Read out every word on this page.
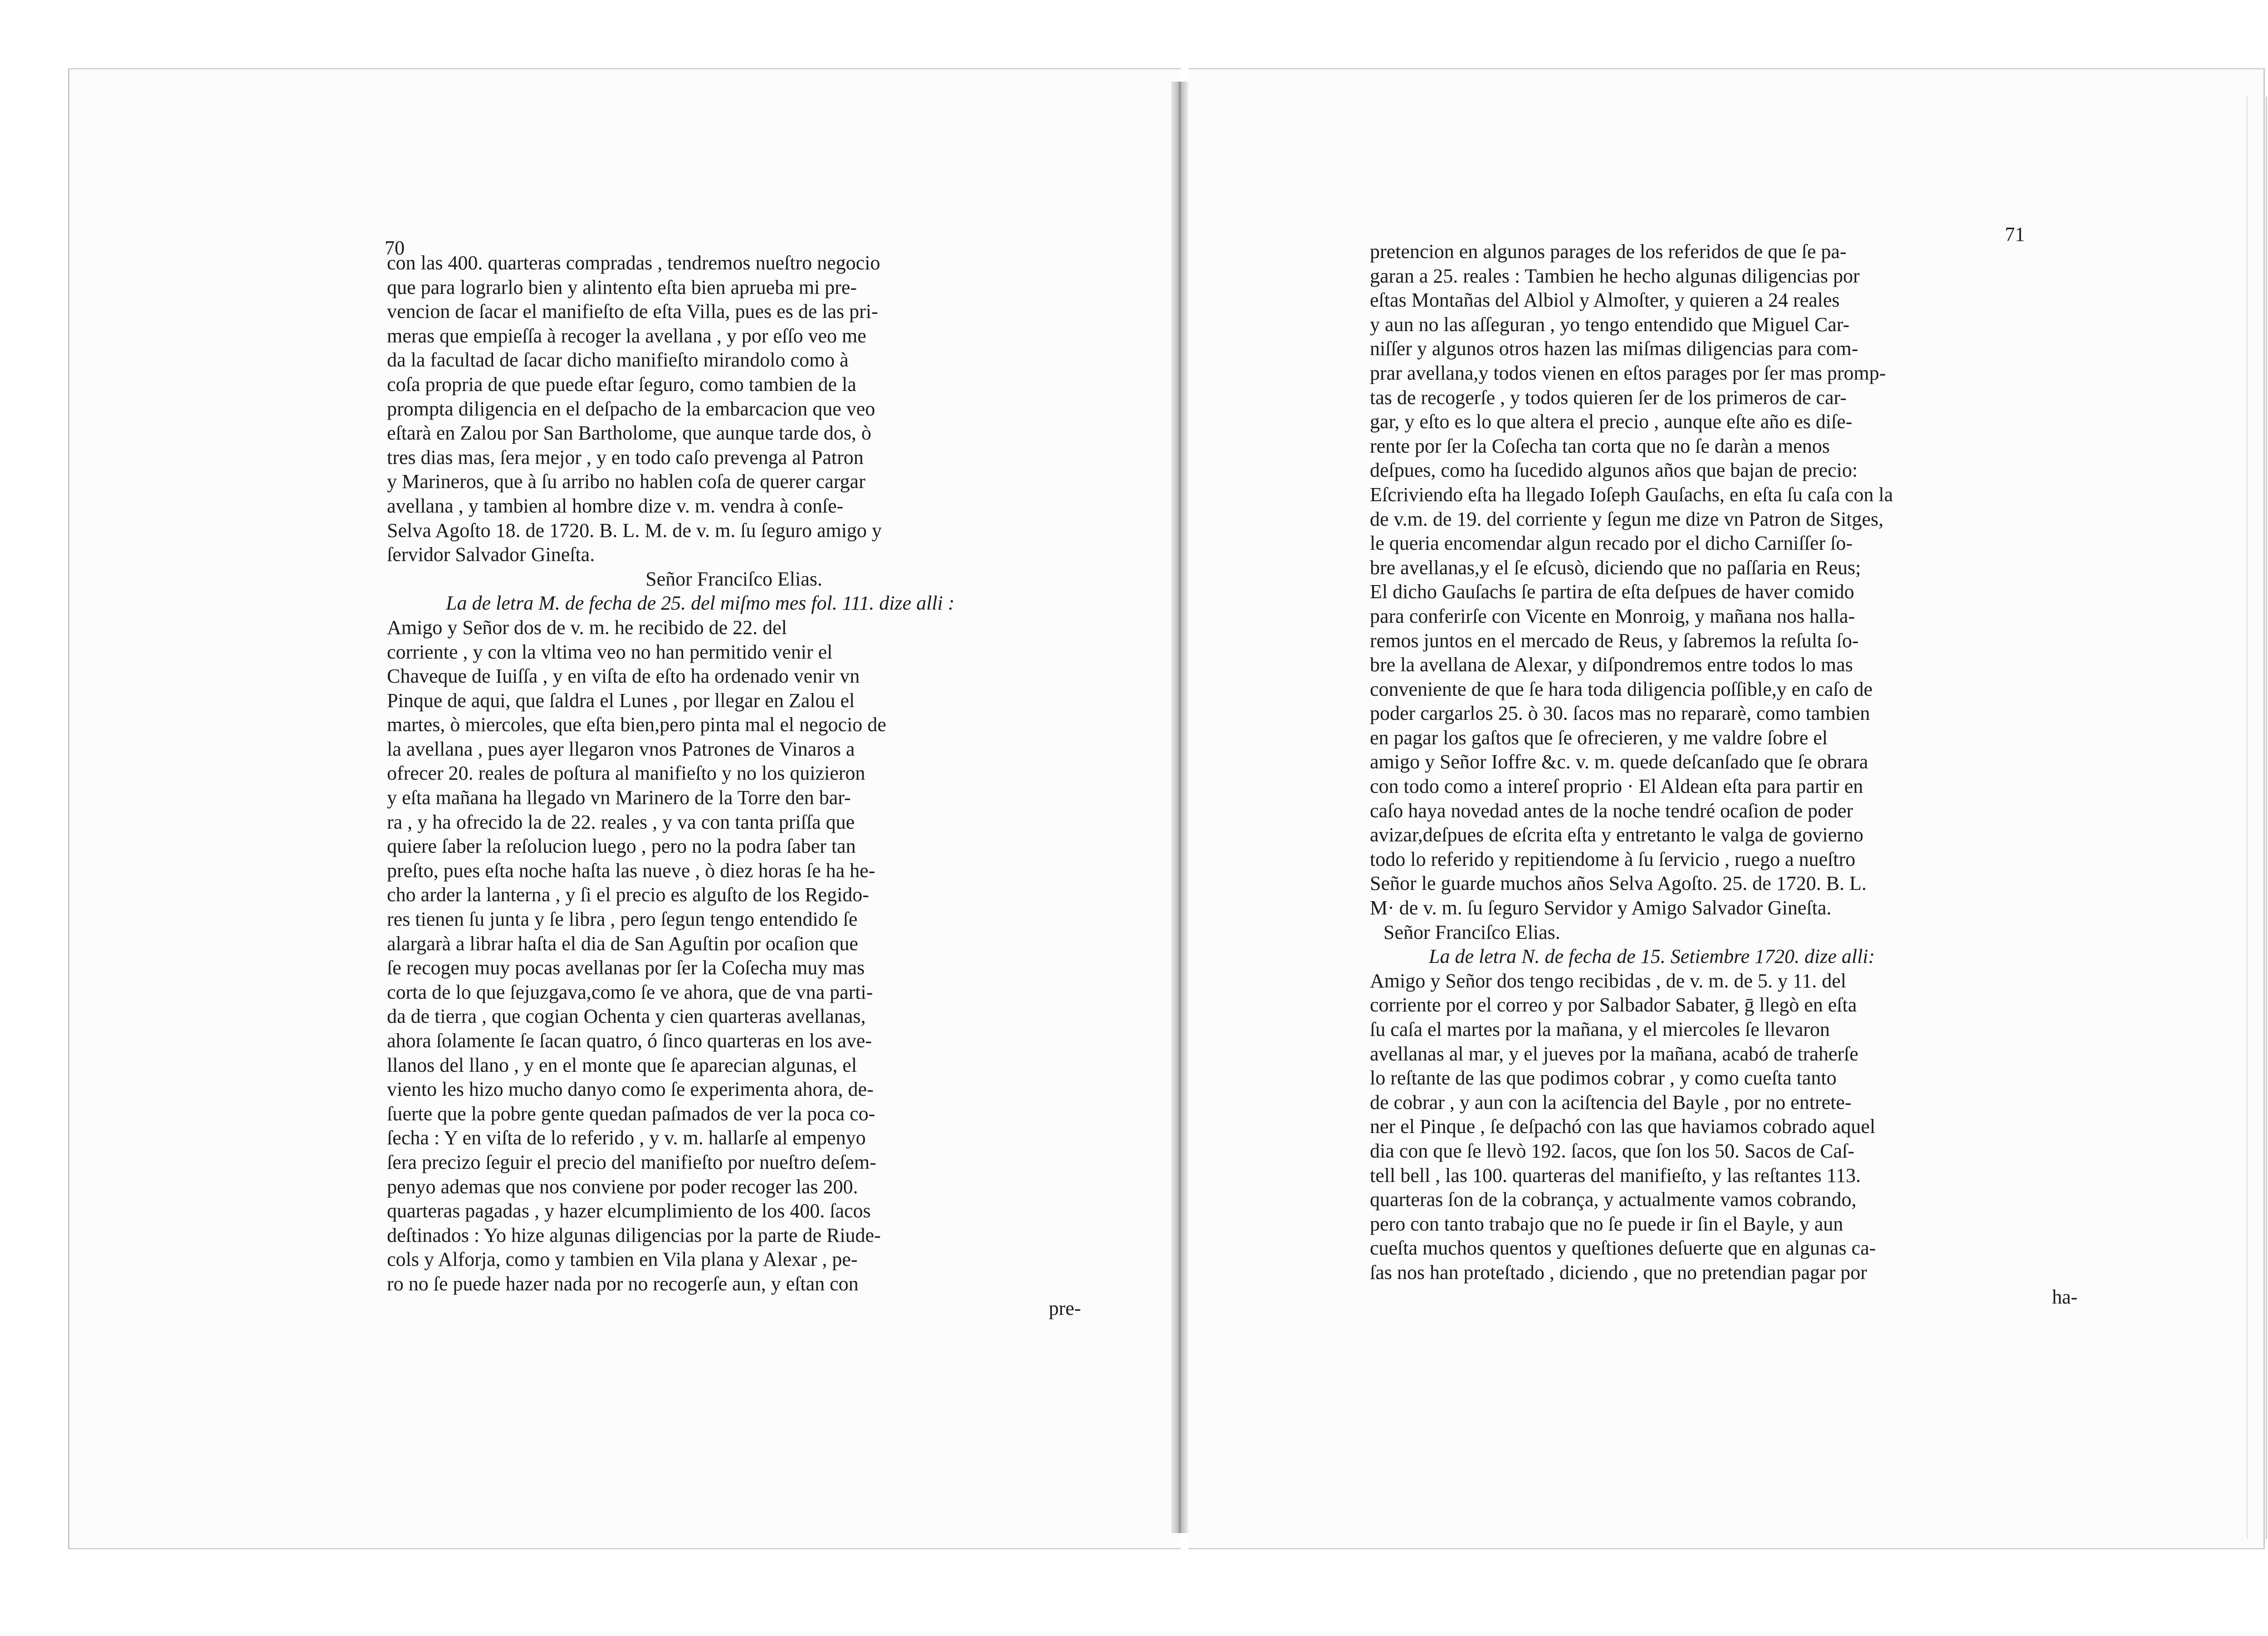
70
con las 400. quarteras compradas , tendremos nueſtro negocio
que para lograrlo bien y alintento eſta bien aprueba mi pre-
vencion de ſacar el manifieſto de eſta Villa, pues es de las pri-
meras que empieſſa à recoger la avellana , y por eſſo veo me
da la facultad de ſacar dicho manifieſto mirandolo como à
coſa propria de que puede eſtar ſeguro, como tambien de la
prompta diligencia en el deſpacho de la embarcacion que veo
eſtarà en Zalou por San Bartholome, que aunque tarde dos, ò
tres dias mas, ſera mejor , y en todo caſo prevenga al Patron
y Marineros, que à ſu arribo no hablen coſa de querer cargar
avellana , y tambien al hombre dize v. m. vendra à conſe-
Selva Agoſto 18. de 1720. B. L. M. de v. m. ſu ſeguro amigo y
ſervidor Salvador Gineſta.
Señor Franciſco Elias.
La de letra M. de fecha de 25. del miſmo mes fol. 111. dize alli :
Amigo y Señor dos de v. m. he recibido de 22. del
corriente , y con la vltima veo no han permitido venir el
Chaveque de Iuiſſa , y en viſta de eſto ha ordenado venir vn
Pinque de aqui, que ſaldra el Lunes , por llegar en Zalou el
martes, ò miercoles, que eſta bien,pero pinta mal el negocio de
la avellana , pues ayer llegaron vnos Patrones de Vinaros a
ofrecer 20. reales de poſtura al manifieſto y no los quizieron
y eſta mañana ha llegado vn Marinero de la Torre den bar-
ra , y ha ofrecido la de 22. reales , y va con tanta priſſa que
quiere ſaber la reſolucion luego , pero no la podra ſaber tan
preſto, pues eſta noche haſta las nueve , ò diez horas ſe ha he-
cho arder la lanterna , y ſi el precio es alguſto de los Regido-
res tienen ſu junta y ſe libra , pero ſegun tengo entendido ſe
alargarà a librar haſta el dia de San Aguſtin por ocaſion que
ſe recogen muy pocas avellanas por ſer la Coſecha muy mas
corta de lo que ſejuzgava,como ſe ve ahora, que de vna parti-
da de tierra , que cogian Ochenta y cien quarteras avellanas,
ahora ſolamente ſe ſacan quatro, ó ſinco quarteras en los ave-
llanos del llano , y en el monte que ſe aparecian algunas, el
viento les hizo mucho danyo como ſe experimenta ahora, de-
ſuerte que la pobre gente quedan paſmados de ver la poca co-
ſecha : Y en viſta de lo referido , y v. m. hallarſe al empenyo
ſera precizo ſeguir el precio del manifieſto por nueſtro deſem-
penyo ademas que nos conviene por poder recoger las 200.
quarteras pagadas , y hazer elcumplimiento de los 400. ſacos
deſtinados : Yo hize algunas diligencias por la parte de Riude-
cols y Alforja, como y tambien en Vila plana y Alexar , pe-
ro no ſe puede hazer nada por no recogerſe aun, y eſtan con
pre-
71
pretencion en algunos parages de los referidos de que ſe pa-
garan a 25. reales : Tambien he hecho algunas diligencias por
eſtas Montañas del Albiol y Almoſter, y quieren a 24 reales
y aun no las aſſeguran , yo tengo entendido que Miguel Car-
niſſer y algunos otros hazen las miſmas diligencias para com-
prar avellana,y todos vienen en eſtos parages por ſer mas promp-
tas de recogerſe , y todos quieren ſer de los primeros de car-
gar, y eſto es lo que altera el precio , aunque eſte año es diſe-
rente por ſer la Coſecha tan corta que no ſe daràn a menos
deſpues, como ha ſucedido algunos años que bajan de precio:
Eſcriviendo eſta ha llegado Ioſeph Gauſachs, en eſta ſu caſa con la
de v.m. de 19. del corriente y ſegun me dize vn Patron de Sitges,
le queria encomendar algun recado por el dicho Carniſſer ſo-
bre avellanas,y el ſe eſcusò, diciendo que no paſſaria en Reus;
El dicho Gauſachs ſe partira de eſta deſpues de haver comido
para conferirſe con Vicente en Monroig, y mañana nos halla-
remos juntos en el mercado de Reus, y ſabremos la reſulta ſo-
bre la avellana de Alexar, y diſpondremos entre todos lo mas
conveniente de que ſe hara toda diligencia poſſible,y en caſo de
poder cargarlos 25. ò 30. ſacos mas no repararè, como tambien
en pagar los gaſtos que ſe ofrecieren, y me valdre ſobre el
amigo y Señor Ioffre &c. v. m. quede deſcanſado que ſe obrara
con todo como a intereſ proprio · El Aldean eſta para partir en
caſo haya novedad antes de la noche tendré ocaſion de poder
avizar,deſpues de eſcrita eſta y entretanto le valga de govierno
todo lo referido y repitiendome à ſu ſervicio , ruego a nueſtro
Señor le guarde muchos años Selva Agoſto. 25. de 1720. B. L.
M· de v. m. ſu ſeguro Servidor y Amigo Salvador Gineſta.
Señor Franciſco Elias.
La de letra N. de fecha de 15. Setiembre 1720. dize alli:
Amigo y Señor dos tengo recibidas , de v. m. de 5. y 11. del
corriente por el correo y por Salbador Sabater, ḡ llegò en eſta
ſu caſa el martes por la mañana, y el miercoles ſe llevaron
avellanas al mar, y el jueves por la mañana, acabó de traherſe
lo reſtante de las que podimos cobrar , y como cueſta tanto
de cobrar , y aun con la aciſtencia del Bayle , por no entrete-
ner el Pinque , ſe deſpachó con las que haviamos cobrado aquel
dia con que ſe llevò 192. ſacos, que ſon los 50. Sacos de Caſ-
tell bell , las 100. quarteras del manifieſto, y las reſtantes 113.
quarteras ſon de la cobrança, y actualmente vamos cobrando,
pero con tanto trabajo que no ſe puede ir ſin el Bayle, y aun
cueſta muchos quentos y queſtiones deſuerte que en algunas ca-
ſas nos han proteſtado , diciendo , que no pretendian pagar por
ha-
